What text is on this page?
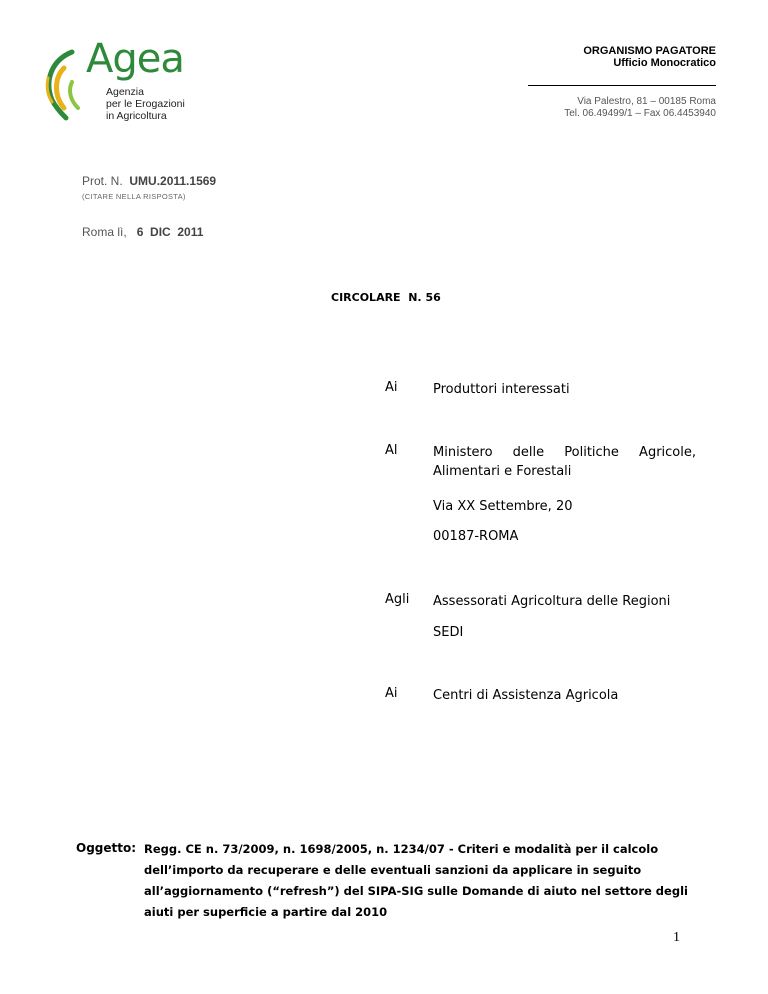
Agea
Agenzia
per le Erogazioni
in Agricoltura
ORGANISMO PAGATORE
Ufficio Monocratico
Via Palestro, 81 – 00185 Roma
Tel. 06.49499/1 – Fax 06.4453940
Prot. N. UMU.2011.1569
(CITARE NELLA RISPOSTA)
Roma lì, 6  DIC  2011
CIRCOLARE  N. 56
Ai	Produttori interessati
Al	Ministero delle Politiche Agricole, Alimentari e Forestali
Via XX Settembre, 20
00187-ROMA
Agli Assessorati Agricoltura delle Regioni
SEDI
Ai	Centri di Assistenza Agricola
Oggetto: Regg. CE n. 73/2009, n. 1698/2005, n. 1234/07 - Criteri e modalità per il calcolo dell’importo da recuperare e delle eventuali sanzioni da applicare in seguito all’aggiornamento (“refresh”) del SIPA-SIG sulle Domande di aiuto nel settore degli aiuti per superficie a partire dal 2010
1
